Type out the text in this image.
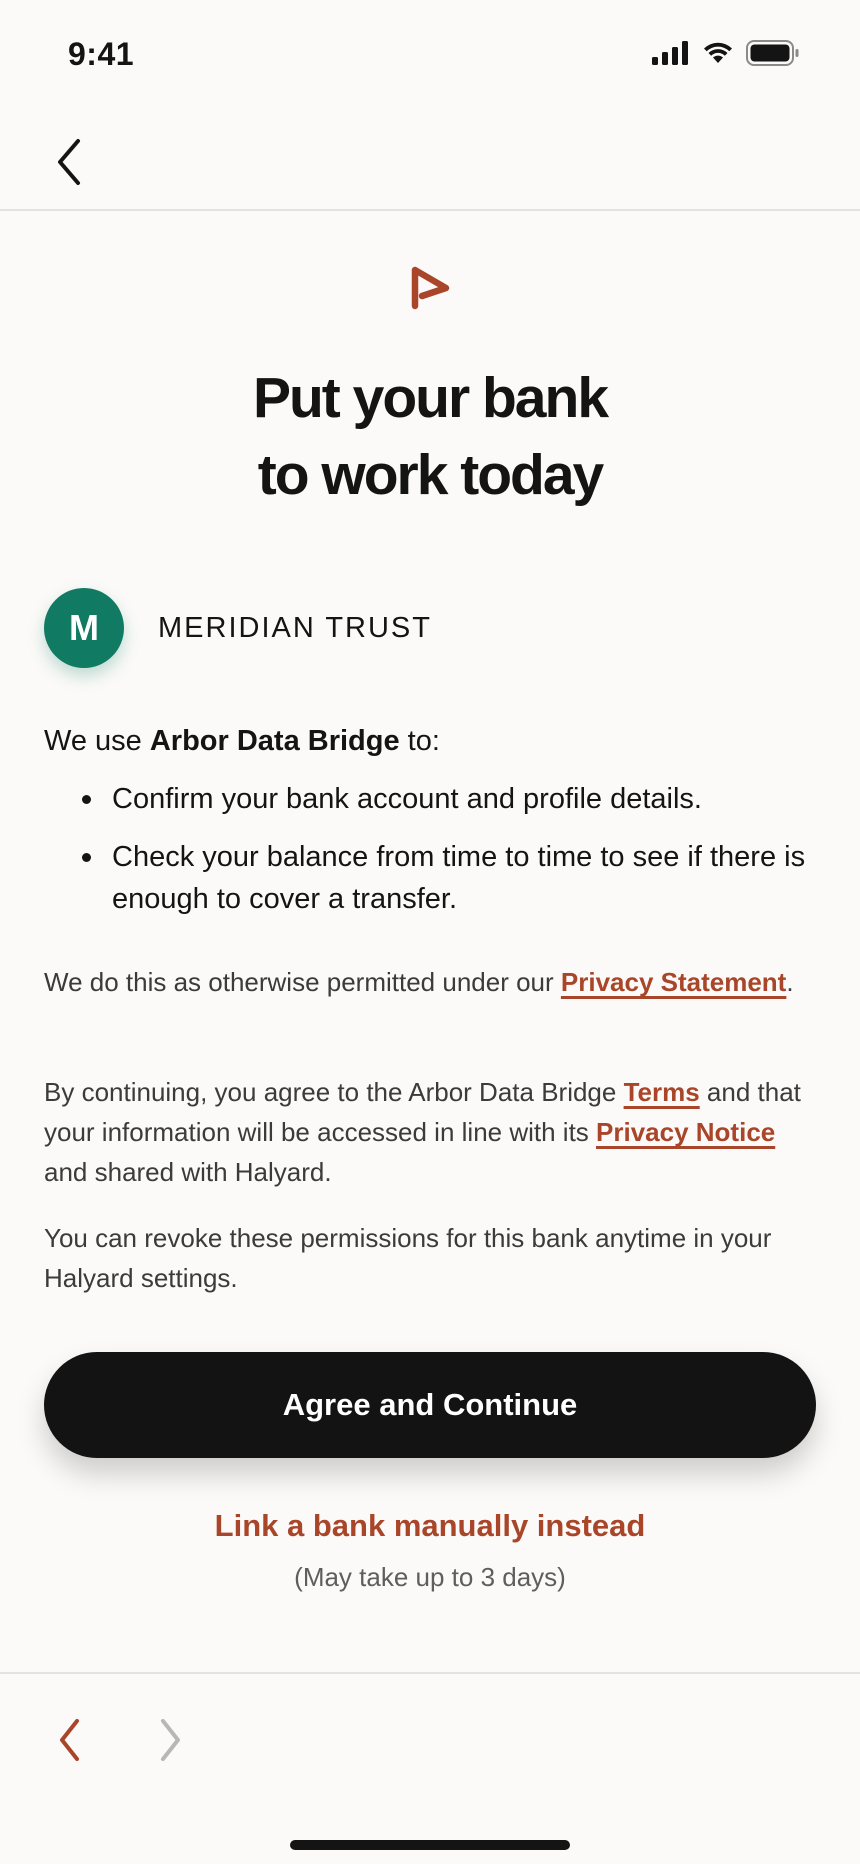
9:41
Put your bank
to work today
M	MERIDIAN TRUST

We use Arbor Data Bridge to:

Confirm your bank account and profile details.
Check your balance from time to time to see if there is enough to cover a transfer.

We do this as otherwise permitted under our Privacy Statement.

By continuing, you agree to the Arbor Data Bridge Terms and that your information will be accessed in line with its Privacy Notice and shared with Halyard.

You can revoke these permissions for this bank anytime in your Halyard settings.

Agree and Continue
Link a bank manually instead
(May take up to 3 days)
